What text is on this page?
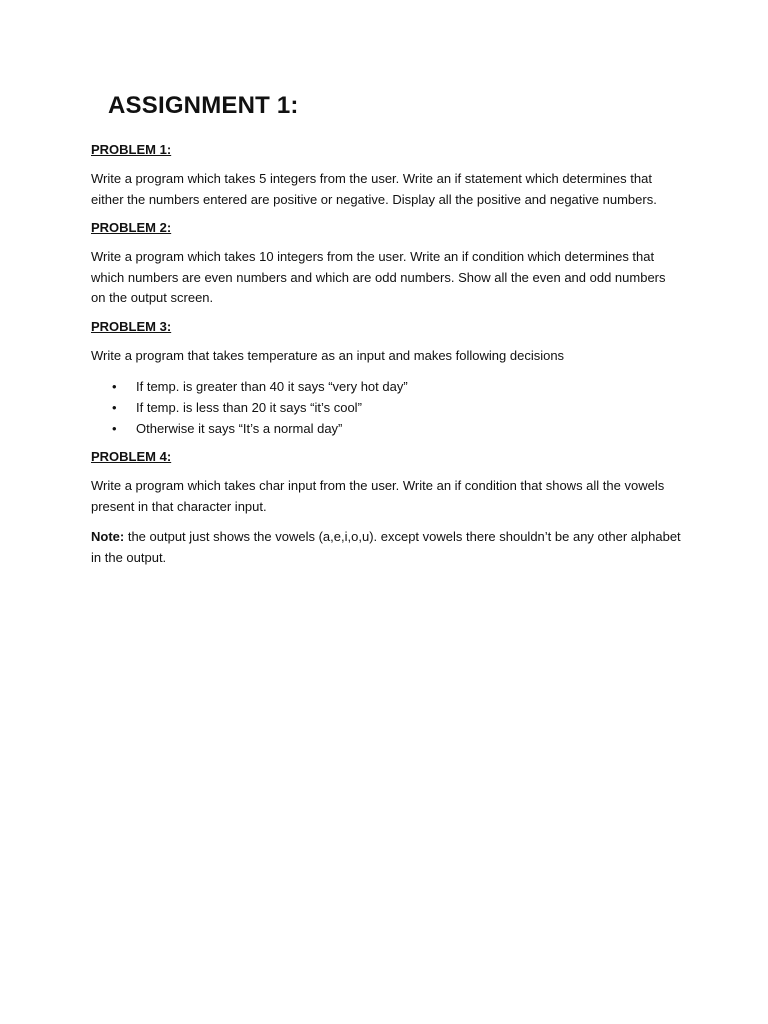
ASSIGNMENT 1:
PROBLEM 1:

Write a program which takes 5 integers from the user. Write an if statement which determines that either the numbers entered are positive or negative. Display all the positive and negative numbers.

PROBLEM 2:

Write a program which takes 10 integers from the user. Write an if condition which determines that which numbers are even numbers and which are odd numbers. Show all the even and odd numbers on the output screen.

PROBLEM 3:

Write a program that takes temperature as an input and makes following decisions

• If temp. is greater than 40 it says “very hot day”
• If temp. is less than 20 it says “it’s cool”
• Otherwise it says “It’s a normal day”
PROBLEM 4:

Write a program which takes char input from the user. Write an if condition that shows all the vowels present in that character input.

Note: the output just shows the vowels (a,e,i,o,u). except vowels there shouldn’t be any other alphabet in the output.
